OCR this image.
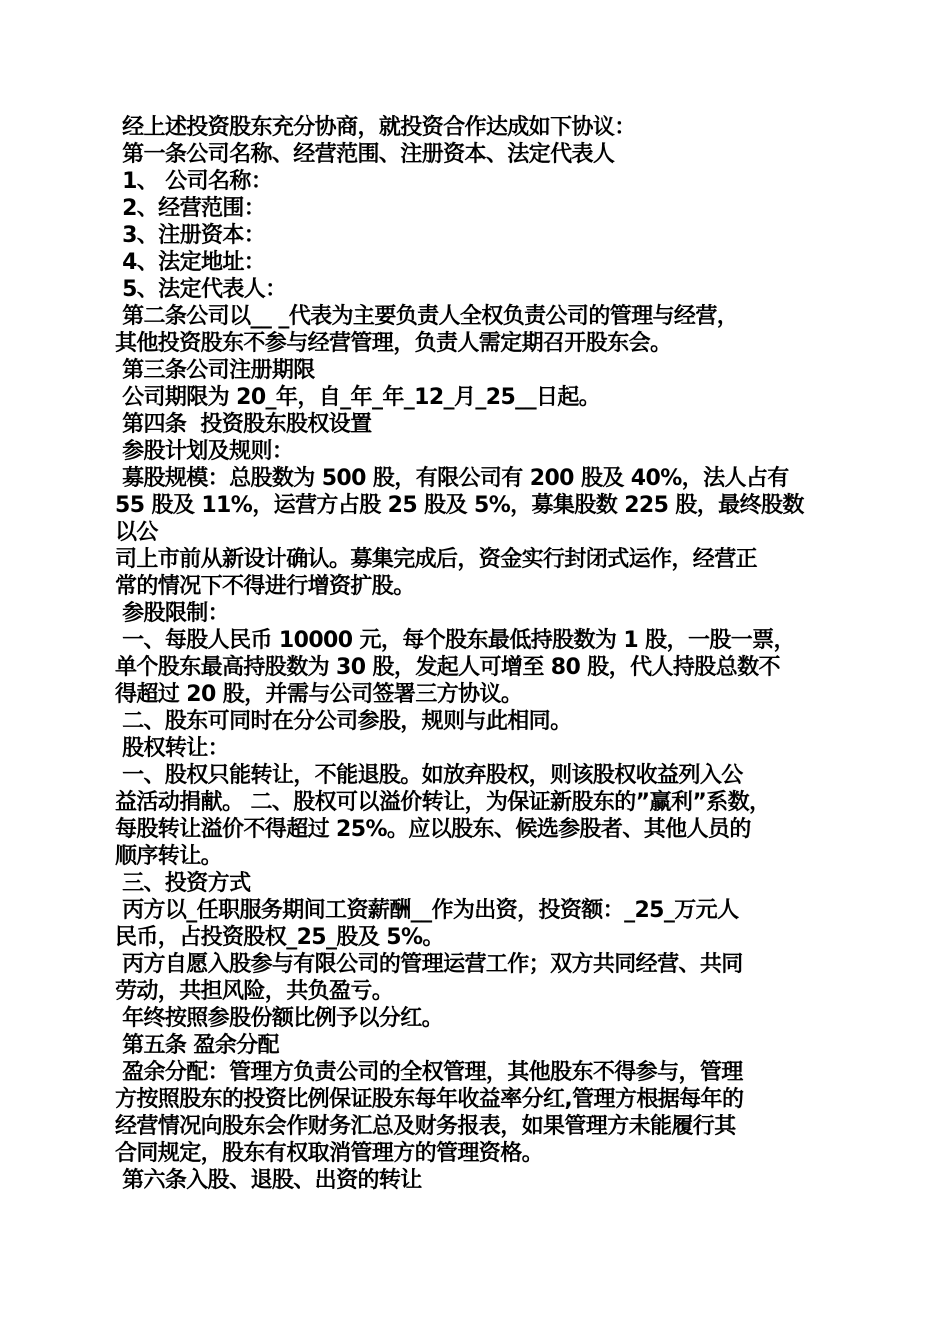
经上述投资股东充分协商，就投资合作达成如下协议：
第一条公司名称、经营范围、注册资本、法定代表人
1、 公司名称：
2、经营范围：
3、注册资本：
4、法定地址：
5、法定代表人：
第二条公司以__ _代表为主要负责人全权负责公司的管理与经营，
其他投资股东不参与经营管理，负责人需定期召开股东会。
第三条公司注册期限
公司期限为 20_年，自_年_年_12_月_25__日起。
第四条  投资股东股权设置
参股计划及规则：
募股规模：总股数为 500 股，有限公司有 200 股及 40%，法人占有
55 股及 11%，运营方占股 25 股及 5%，募集股数 225 股，最终股数
以公
司上市前从新设计确认。募集完成后，资金实行封闭式运作，经营正
常的情况下不得进行增资扩股。
参股限制：
一、每股人民币 10000 元，每个股东最低持股数为 1 股，一股一票，
单个股东最高持股数为 30 股，发起人可增至 80 股，代人持股总数不
得超过 20 股，并需与公司签署三方协议。
二、股东可同时在分公司参股，规则与此相同。
股权转让：
一、股权只能转让，不能退股。如放弃股权，则该股权收益列入公
益活动捐献。 二、股权可以溢价转让，为保证新股东的”赢利”系数，
每股转让溢价不得超过 25%。应以股东、候选参股者、其他人员的
顺序转让。
三、投资方式
丙方以_任职服务期间工资薪酬__作为出资，投资额：_25_万元人
民币，占投资股权_25_股及 5%。
丙方自愿入股参与有限公司的管理运营工作；双方共同经营、共同
劳动，共担风险，共负盈亏。
年终按照参股份额比例予以分红。
第五条 盈余分配
盈余分配：管理方负责公司的全权管理，其他股东不得参与，管理
方按照股东的投资比例保证股东每年收益率分红,管理方根据每年的
经营情况向股东会作财务汇总及财务报表，如果管理方未能履行其
合同规定，股东有权取消管理方的管理资格。
第六条入股、退股、出资的转让
